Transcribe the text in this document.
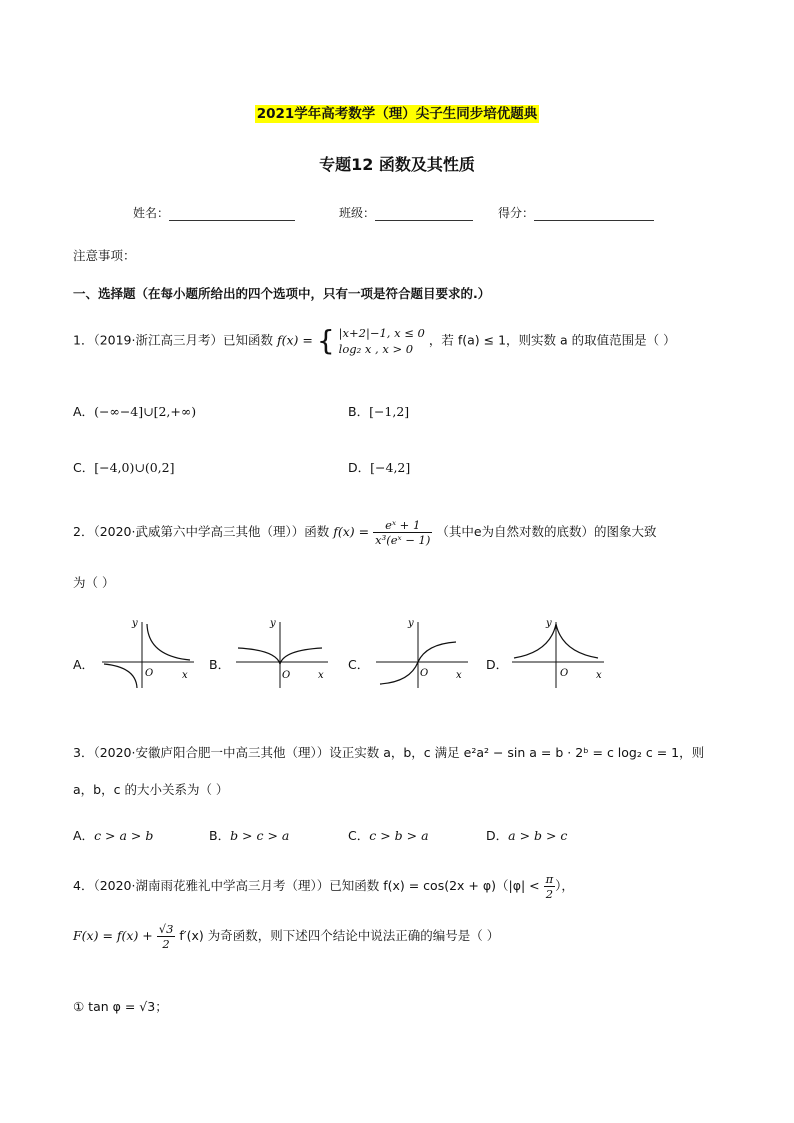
2021学年高考数学（理）尖子生同步培优题典
专题12 函数及其性质
姓名：	班级：	得分：
注意事项：
一、选择题（在每小题所给出的四个选项中，只有一项是符合题目要求的.）
1．（2019·浙江高三月考）已知函数 f(x) = { |x+2|−1, x ≤ 0
log₂ x , x > 0
，若 f(a) ≤ 1，则实数 a 的取值范围是（ ）
A．(−∞−4]∪[2,+∞)	B．[−1,2]
C．[−4,0)∪(0,2]	D．[−4,2]
2．（2020·武威第六中学高三其他（理））函数 $f(x) = \frac{\text{eˣ + 1}}{\text{x³(eˣ − 1)}}$ （其中e为自然对数的底数）的图象大致
为（ ）
A．
y
x
O
B．
y
x
O
C．
y
x
O
D．
y
x
O
3．（2020·安徽庐阳合肥一中高三其他（理））设正实数 a，b，c 满足 e²a² − sin a = b · 2ᵇ = c log₂ c = 1，则
a，b，c 的大小关系为（ ）
A．c > a > b	B．b > c > a	C．c > b > a	D．a > b > c
4．（2020·湖南雨花雅礼中学高三月考（理））已知函数 $f(x) = \cos(2x + \varphi)(|\varphi| < \frac{\pi}{2}$ ），
$F(x) = f(x) + \frac{√3}{2} f'(x)$ 为奇函数，则下述四个结论中说法正确的编号是（ ）
① tan φ = √3；
